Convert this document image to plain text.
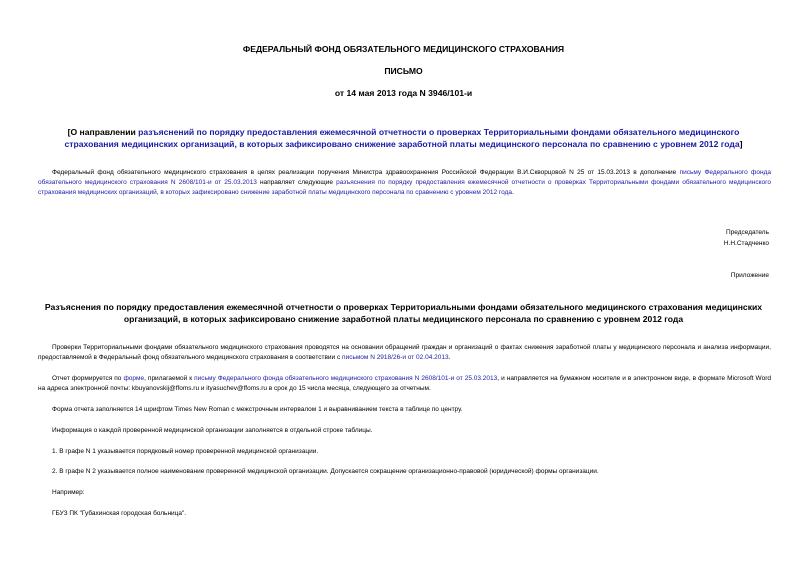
ФЕДЕРАЛЬНЫЙ ФОНД ОБЯЗАТЕЛЬНОГО МЕДИЦИНСКОГО СТРАХОВАНИЯ
ПИСЬМО
от 14 мая 2013 года N 3946/101-и
[О направлении разъяснений по порядку предоставления ежемесячной отчетности о проверках Территориальными фондами обязательного медицинского страхования медицинских организаций, в которых зафиксировано снижение заработной платы медицинского персонала по сравнению с уровнем 2012 года]
Федеральный фонд обязательного медицинского страхования в целях реализации поручения Министра здравоохранения Российской Федерации В.И.Скворцовой N 25 от 15.03.2013 в дополнение письму Федерального фонда обязательного медицинского страхования N 2608/101-и от 25.03.2013 направляет следующие разъяснения по порядку предоставления ежемесячной отчетности о проверках Территориальными фондами обязательного медицинского страхования медицинских организаций, в которых зафиксировано снижение заработной платы медицинского персонала по сравнению с уровнем 2012 года.
Председатель
Н.Н.Стадченко
Приложение
Разъяснения по порядку предоставления ежемесячной отчетности о проверках Территориальными фондами обязательного медицинского страхования медицинских организаций, в которых зафиксировано снижение заработной платы медицинского персонала по сравнению с уровнем 2012 года
Проверки Территориальными фондами обязательного медицинского страхования проводятся на основании обращений граждан и организаций о фактах снижения заработной платы у медицинского персонала и анализа информации, предоставляемой в Федеральный фонд обязательного медицинского страхования в соответствии с письмом N 2918/26-и от 02.04.2013.
Отчет формируется по форме, прилагаемой к письму Федерального фонда обязательного медицинского страхования N 2608/101-и от 25.03.2013, и направляется на бумажном носителе и в электронном виде, в формате Microsoft Word на адреса электронной почты: kbuyanovskij@ffoms.ru и ityasuchev@ffoms.ru в срок до 15 числа месяца, следующего за отчетным.
Форма отчета заполняется 14 шрифтом Times New Roman с межстрочным интервалом 1 и выравниванием текста в таблице по центру.
Информация о каждой проверенной медицинской организации заполняется в отдельной строке таблицы.
1. В графе N 1 указывается порядковый номер проверенной медицинской организации.
2. В графе N 2 указывается полное наименование проверенной медицинской организации. Допускается сокращение организационно-правовой (юридической) формы организации.
Например:
ГБУЗ ПК "Губахинская городская больница".
